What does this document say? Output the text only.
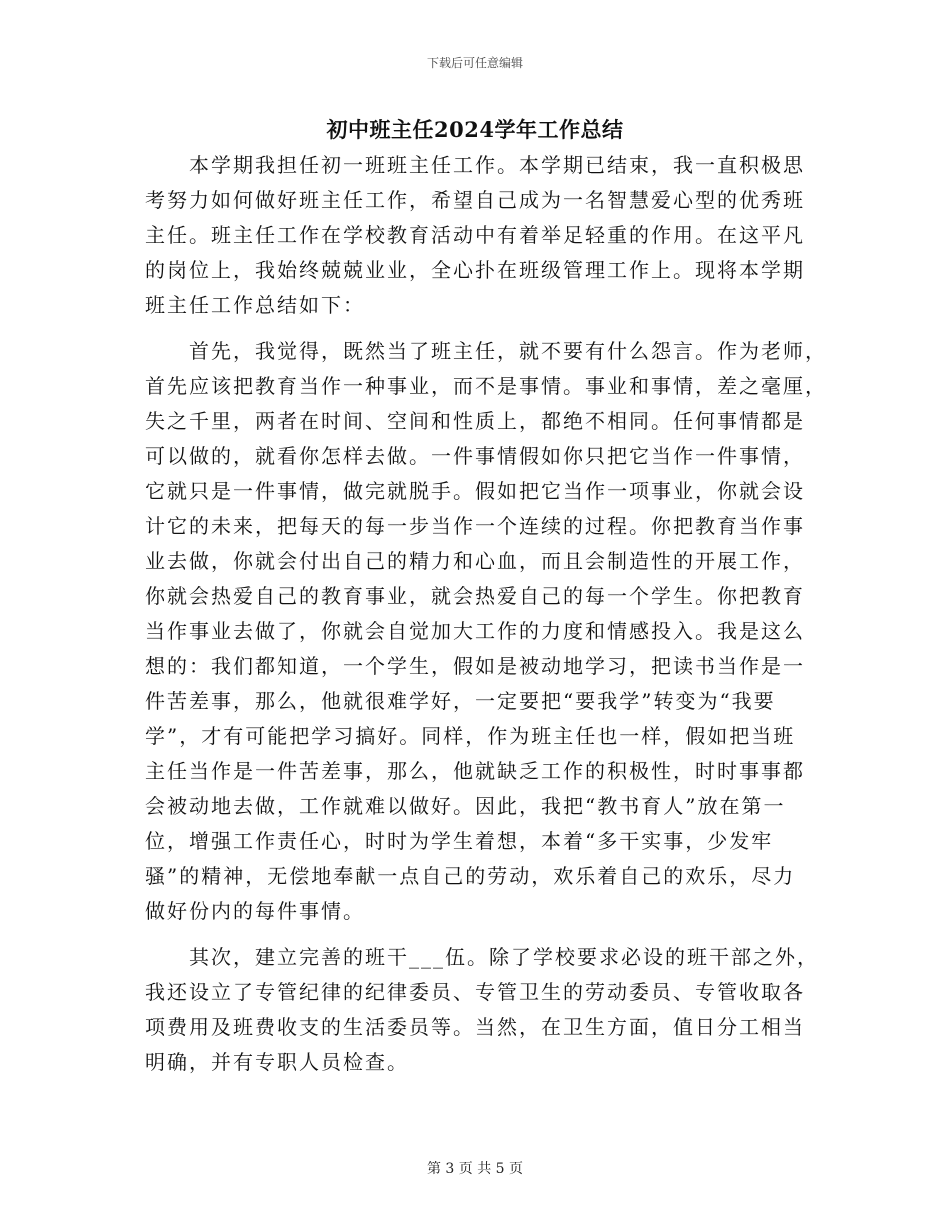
下载后可任意编辑
初中班主任2024学年工作总结
　　本学期我担任初一班班主任工作。本学期已结束，我一直积极思
考努力如何做好班主任工作，希望自己成为一名智慧爱心型的优秀班
主任。班主任工作在学校教育活动中有着举足轻重的作用。在这平凡
的岗位上，我始终兢兢业业，全心扑在班级管理工作上。现将本学期
班主任工作总结如下：
　　首先，我觉得，既然当了班主任，就不要有什么怨言。作为老师，
首先应该把教育当作一种事业，而不是事情。事业和事情，差之毫厘，
失之千里，两者在时间、空间和性质上，都绝不相同。任何事情都是
可以做的，就看你怎样去做。一件事情假如你只把它当作一件事情，
它就只是一件事情，做完就脱手。假如把它当作一项事业，你就会设
计它的未来，把每天的每一步当作一个连续的过程。你把教育当作事
业去做，你就会付出自己的精力和心血，而且会制造性的开展工作，
你就会热爱自己的教育事业，就会热爱自己的每一个学生。你把教育
当作事业去做了，你就会自觉加大工作的力度和情感投入。我是这么
想的：我们都知道，一个学生，假如是被动地学习，把读书当作是一
件苦差事，那么，他就很难学好，一定要把“要我学”转变为“我要
学”，才有可能把学习搞好。同样，作为班主任也一样，假如把当班
主任当作是一件苦差事，那么，他就缺乏工作的积极性，时时事事都
会被动地去做，工作就难以做好。因此，我把“教书育人”放在第一
位，增强工作责任心，时时为学生着想，本着“多干实事，少发牢
骚”的精神，无偿地奉献一点自己的劳动，欢乐着自己的欢乐，尽力
做好份内的每件事情。
　　其次，建立完善的班干___伍。除了学校要求必设的班干部之外，
我还设立了专管纪律的纪律委员、专管卫生的劳动委员、专管收取各
项费用及班费收支的生活委员等。当然，在卫生方面，值日分工相当
明确，并有专职人员检查。
第 3 页 共 5 页
